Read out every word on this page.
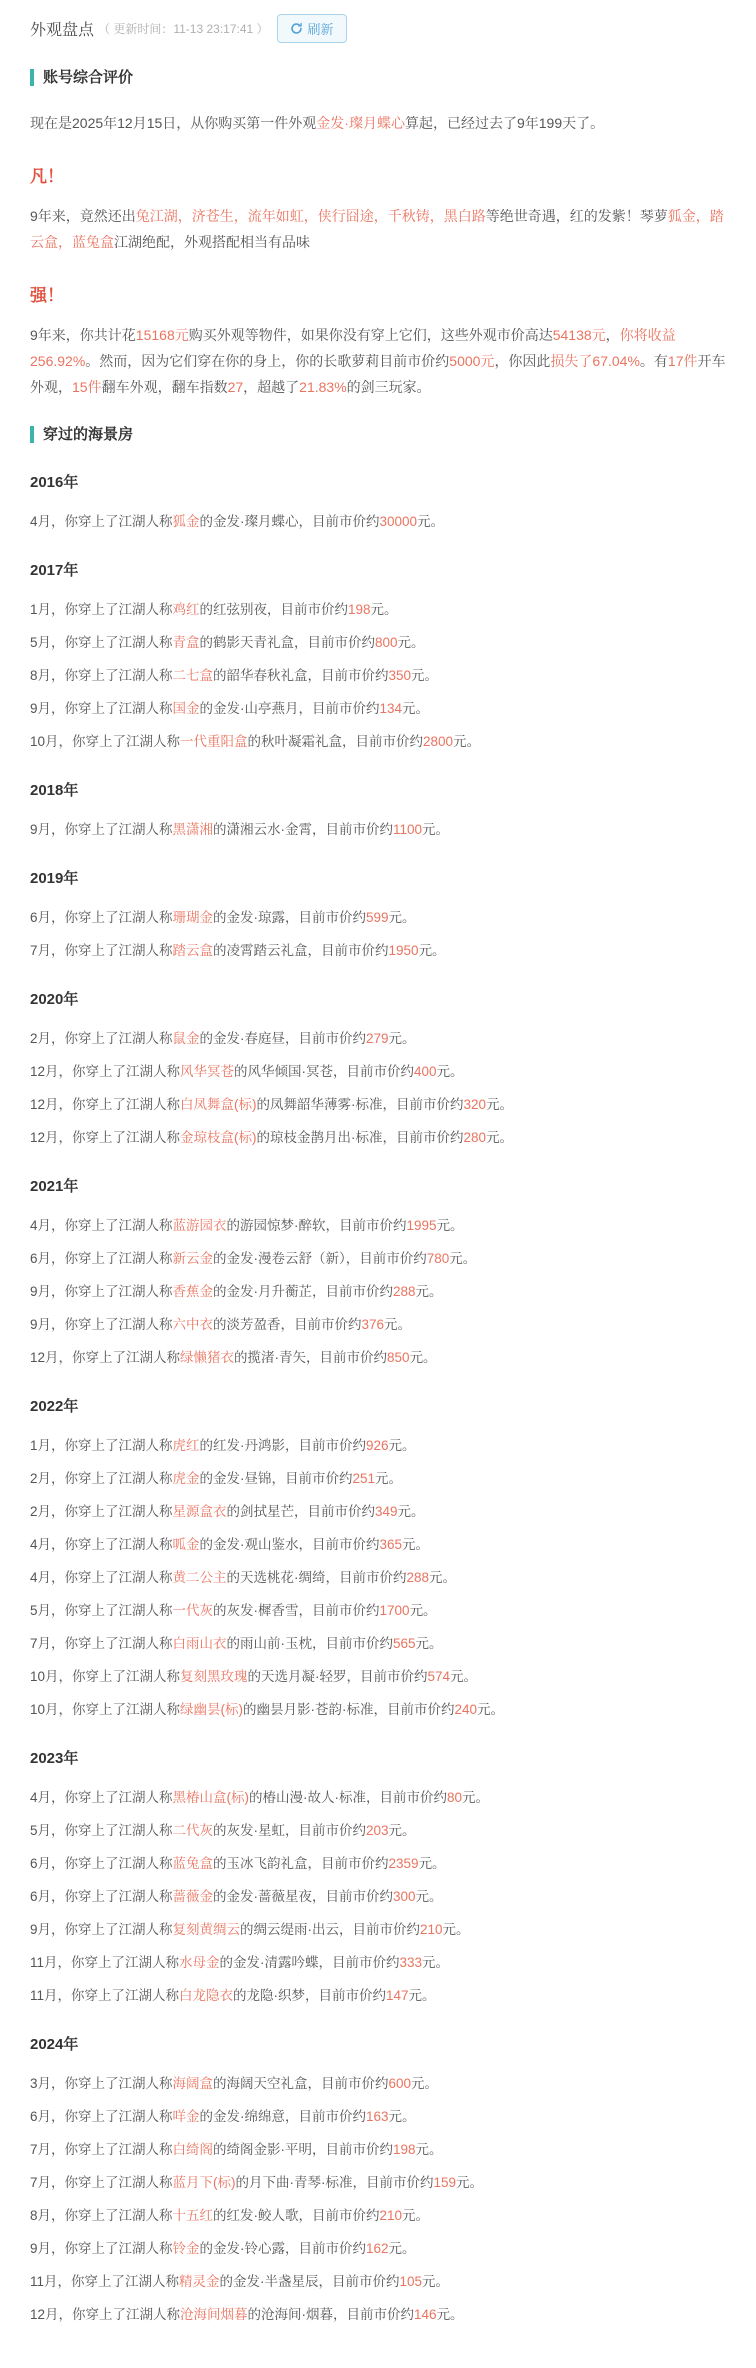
外观盘点 （ 更新时间：11-13 23:17:41 ）	刷新
账号综合评价

现在是2025年12月15日，从你购买第一件外观金发·璨月蝶心算起，已经过去了9年199天了。

凡！

9年来，竟然还出兔江湖，济苍生，流年如虹，侠行囧途，千秋铸，黑白路等绝世奇遇，红的发紫！琴萝狐金，踏云盒，蓝兔盒江湖绝配，外观搭配相当有品味

强！

9年来，你共计花15168元购买外观等物件，如果你没有穿上它们，这些外观市价高达54138元，你将收益256.92%。然而，因为它们穿在你的身上，你的长歌萝莉目前市价约5000元，你因此损失了67.04%。有17件开车外观，15件翻车外观，翻车指数27，超越了21.83%的剑三玩家。

穿过的海景房
2016年

4月，你穿上了江湖人称狐金的金发·璨月蝶心，目前市价约30000元。

2017年

1月，你穿上了江湖人称鸡红的红弦别夜，目前市价约198元。

5月，你穿上了江湖人称青盒的鹤影天青礼盒，目前市价约800元。

8月，你穿上了江湖人称二七盒的韶华春秋礼盒，目前市价约350元。

9月，你穿上了江湖人称国金的金发·山亭燕月，目前市价约134元。

10月，你穿上了江湖人称一代重阳盒的秋叶凝霜礼盒，目前市价约2800元。

2018年

9月，你穿上了江湖人称黑潇湘的潇湘云水·金霄，目前市价约1100元。

2019年

6月，你穿上了江湖人称珊瑚金的金发·琼露，目前市价约599元。

7月，你穿上了江湖人称踏云盒的凌霄踏云礼盒，目前市价约1950元。

2020年

2月，你穿上了江湖人称鼠金的金发·春庭昼，目前市价约279元。

12月，你穿上了江湖人称风华冥苍的风华倾国·冥苍，目前市价约400元。

12月，你穿上了江湖人称白凤舞盒(标)的凤舞韶华薄雾·标准，目前市价约320元。

12月，你穿上了江湖人称金琼枝盒(标)的琼枝金鹊月出·标准，目前市价约280元。

2021年

4月，你穿上了江湖人称蓝游园衣的游园惊梦·醉软，目前市价约1995元。

6月，你穿上了江湖人称新云金的金发·漫卷云舒（新），目前市价约780元。

9月，你穿上了江湖人称香蕉金的金发·月升蘅芷，目前市价约288元。

9月，你穿上了江湖人称六中衣的淡芳盈香，目前市价约376元。

12月，你穿上了江湖人称绿懒猪衣的揽渚·青矢，目前市价约850元。

2022年

1月，你穿上了江湖人称虎红的红发·丹鸿影，目前市价约926元。

2月，你穿上了江湖人称虎金的金发·昼锦，目前市价约251元。

2月，你穿上了江湖人称星源盒衣的剑拭星芒，目前市价约349元。

4月，你穿上了江湖人称呱金的金发·观山鉴水，目前市价约365元。

4月，你穿上了江湖人称黄二公主的天选桃花·绸绮，目前市价约288元。

5月，你穿上了江湖人称一代灰的灰发·樨香雪，目前市价约1700元。

7月，你穿上了江湖人称白雨山衣的雨山前·玉枕，目前市价约565元。

10月，你穿上了江湖人称复刻黑玫瑰的天选月凝·轻罗，目前市价约574元。

10月，你穿上了江湖人称绿幽昙(标)的幽昙月影·苍韵·标准，目前市价约240元。

2023年

4月，你穿上了江湖人称黑椿山盒(标)的椿山漫·故人·标准，目前市价约80元。

5月，你穿上了江湖人称二代灰的灰发·星虹，目前市价约203元。

6月，你穿上了江湖人称蓝兔盒的玉冰飞韵礼盒，目前市价约2359元。

6月，你穿上了江湖人称蔷薇金的金发·蔷薇星夜，目前市价约300元。

9月，你穿上了江湖人称复刻黄绸云的绸云缇雨·出云，目前市价约210元。

11月，你穿上了江湖人称水母金的金发·清露吟蝶，目前市价约333元。

11月，你穿上了江湖人称白龙隐衣的龙隐·织梦，目前市价约147元。

2024年

3月，你穿上了江湖人称海阔盒的海阔天空礼盒，目前市价约600元。

6月，你穿上了江湖人称咩金的金发·绵绵意，目前市价约163元。

7月，你穿上了江湖人称白绮阁的绮阁金影·平明，目前市价约198元。

7月，你穿上了江湖人称蓝月下(标)的月下曲·青琴·标准，目前市价约159元。

8月，你穿上了江湖人称十五红的红发·鲛人歌，目前市价约210元。

9月，你穿上了江湖人称铃金的金发·铃心露，目前市价约162元。

11月，你穿上了江湖人称精灵金的金发·半盏星辰，目前市价约105元。

12月，你穿上了江湖人称沧海间烟暮的沧海间·烟暮，目前市价约146元。
